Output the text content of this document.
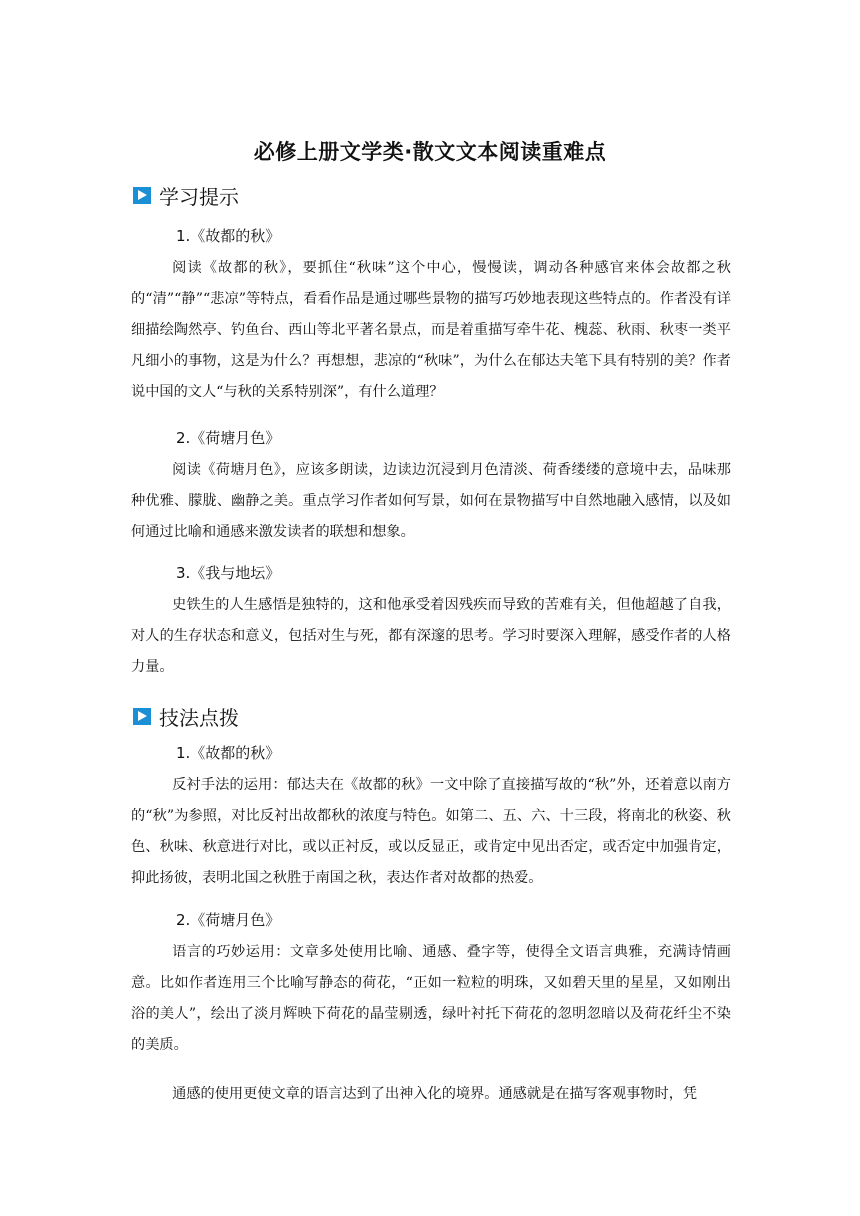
必修上册文学类·散文文本阅读重难点
学习提示
1.《故都的秋》

阅读《故都的秋》，要抓住“秋味”这个中心，慢慢读，调动各种感官来体会故都之秋的“清”“静”“悲凉”等特点，看看作品是通过哪些景物的描写巧妙地表现这些特点的。作者没有详细描绘陶然亭、钓鱼台、西山等北平著名景点，而是着重描写牵牛花、槐蕊、秋雨、秋枣一类平凡细小的事物，这是为什么？再想想，悲凉的“秋味”，为什么在郁达夫笔下具有特别的美？作者说中国的文人“与秋的关系特别深”，有什么道理？

2.《荷塘月色》

阅读《荷塘月色》，应该多朗读，边读边沉浸到月色清淡、荷香缕缕的意境中去，品味那种优雅、朦胧、幽静之美。重点学习作者如何写景，如何在景物描写中自然地融入感情，以及如何通过比喻和通感来激发读者的联想和想象。

3.《我与地坛》

史铁生的人生感悟是独特的，这和他承受着因残疾而导致的苦难有关，但他超越了自我，对人的生存状态和意义，包括对生与死，都有深邃的思考。学习时要深入理解，感受作者的人格力量。

技法点拨
1.《故都的秋》

反衬手法的运用：郁达夫在《故都的秋》一文中除了直接描写故的“秋”外，还着意以南方的“秋”为参照，对比反衬出故都秋的浓度与特色。如第二、五、六、十三段，将南北的秋姿、秋色、秋味、秋意进行对比，或以正衬反，或以反显正，或肯定中见出否定，或否定中加强肯定，抑此扬彼，表明北国之秋胜于南国之秋，表达作者对故都的热爱。

2.《荷塘月色》

语言的巧妙运用：文章多处使用比喻、通感、叠字等，使得全文语言典雅，充满诗情画意。比如作者连用三个比喻写静态的荷花，“正如一粒粒的明珠，又如碧天里的星星，又如刚出浴的美人”，绘出了淡月辉映下荷花的晶莹剔透，绿叶衬托下荷花的忽明忽暗以及荷花纤尘不染的美质。

通感的使用更使文章的语言达到了出神入化的境界。通感就是在描写客观事物时，凭
